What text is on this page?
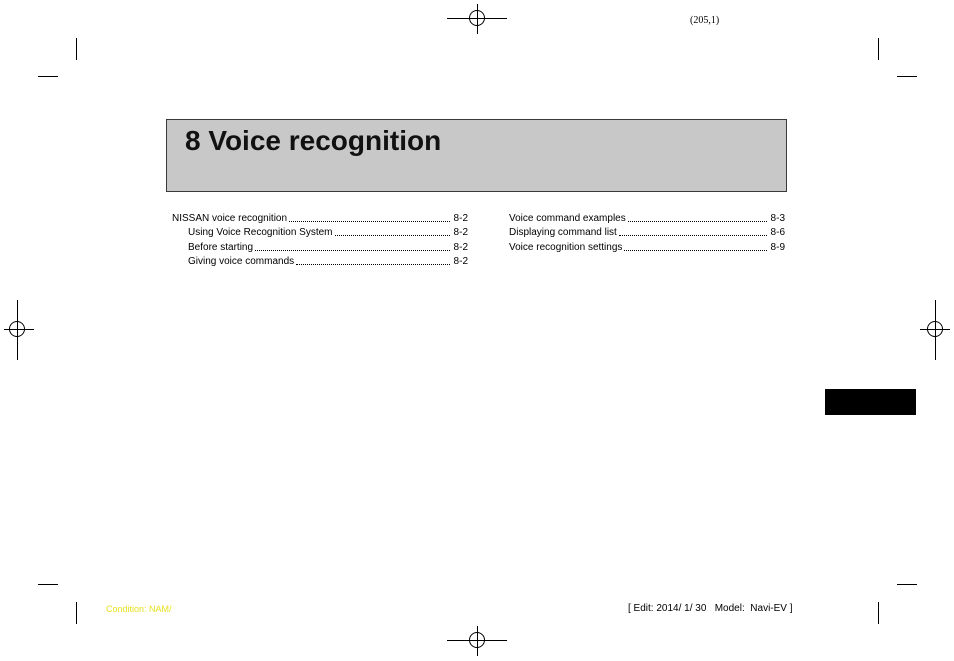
(205,1)
8 Voice recognition
NISSAN voice recognition	8-2
Using Voice Recognition System	8-2
Before starting	8-2
Giving voice commands	8-2
Voice command examples	8-3
Displaying command list	8-6
Voice recognition settings	8-9
Condition: NAM/	[ Edit: 2014/ 1/ 30   Model:  Navi-EV ]
